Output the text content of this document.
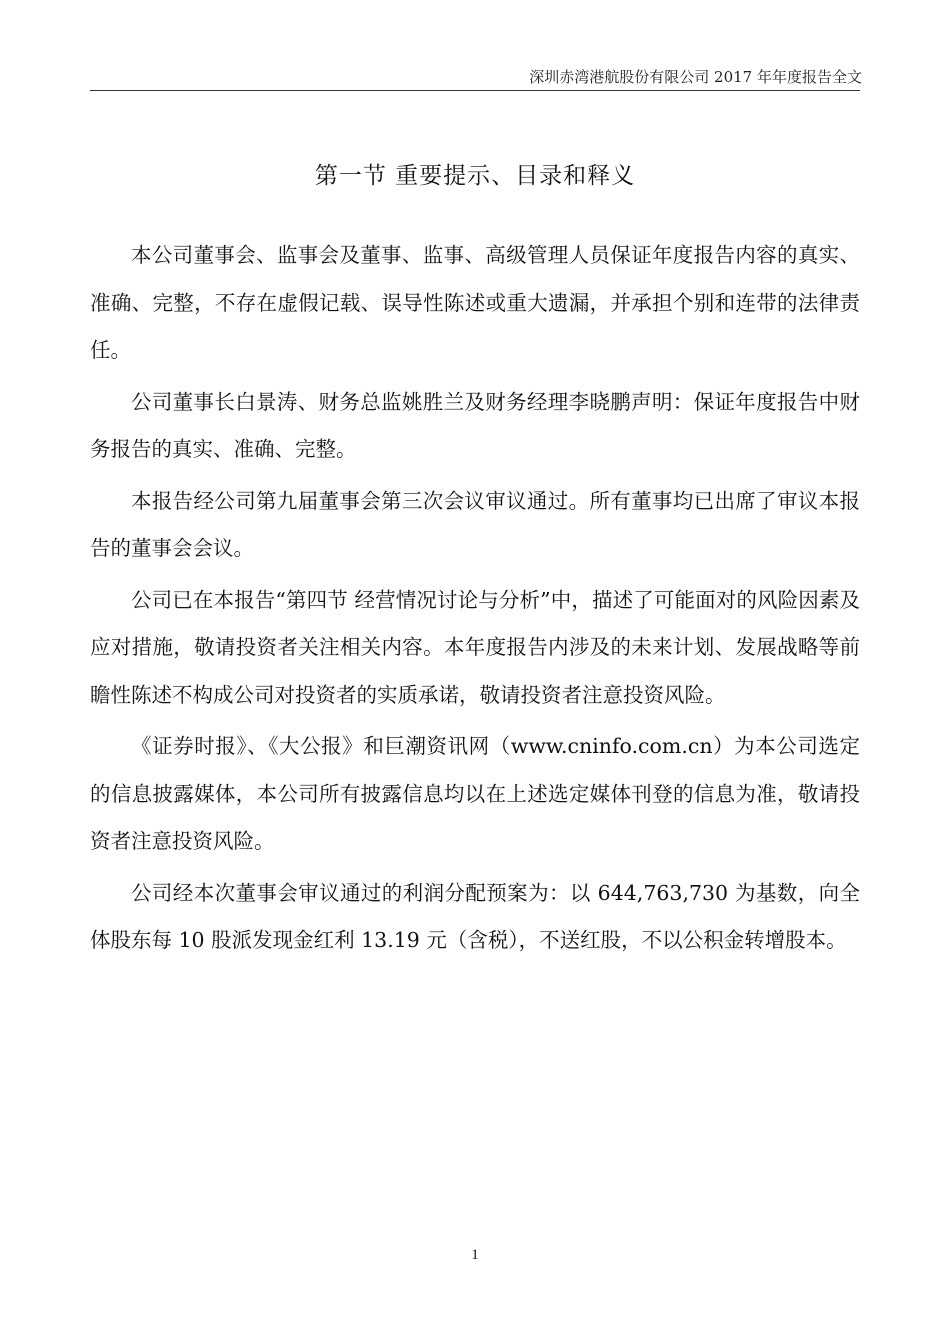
深圳赤湾港航股份有限公司 2017 年年度报告全文
第一节 重要提示、目录和释义

本公司董事会、监事会及董事、监事、高级管理人员保证年度报告内容的真实、准确、完整，不存在虚假记载、误导性陈述或重大遗漏，并承担个别和连带的法律责任。

公司董事长白景涛、财务总监姚胜兰及财务经理李晓鹏声明：保证年度报告中财务报告的真实、准确、完整。

本报告经公司第九届董事会第三次会议审议通过。所有董事均已出席了审议本报告的董事会会议。

公司已在本报告“第四节 经营情况讨论与分析”中，描述了可能面对的风险因素及应对措施，敬请投资者关注相关内容。本年度报告内涉及的未来计划、发展战略等前瞻性陈述不构成公司对投资者的实质承诺，敬请投资者注意投资风险。

《证券时报》、《大公报》和巨潮资讯网（www.cninfo.com.cn）为本公司选定的信息披露媒体，本公司所有披露信息均以在上述选定媒体刊登的信息为准，敬请投资者注意投资风险。

公司经本次董事会审议通过的利润分配预案为：以 644,763,730 为基数，向全体股东每 10 股派发现金红利 13.19 元（含税），不送红股，不以公积金转增股本。

1
